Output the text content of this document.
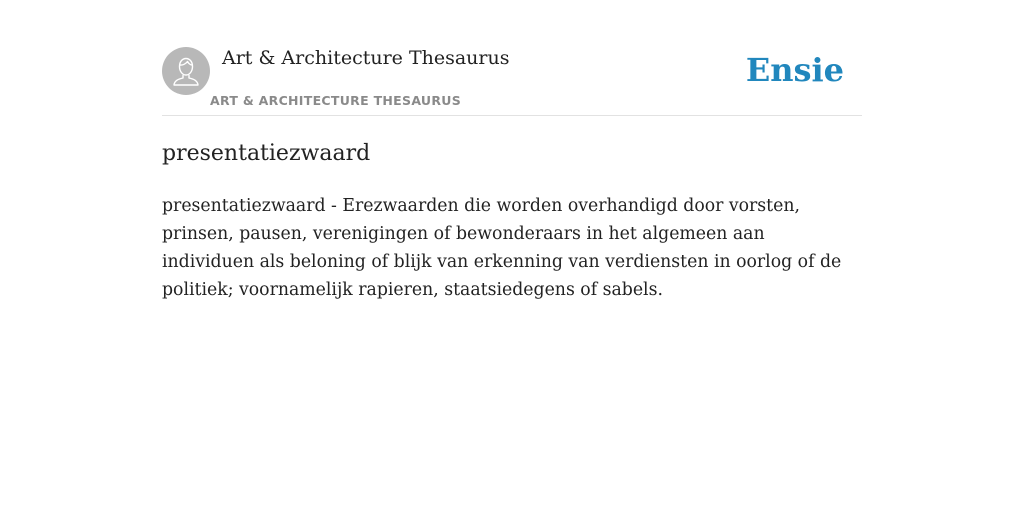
Art & Architecture Thesaurus
ART & ARCHITECTURE THESAURUS
Ensie
presentatiezwaard

presentatiezwaard - Erezwaarden die worden overhandigd door vorsten, prinsen, pausen, verenigingen of bewonderaars in het algemeen aan individuen als beloning of blijk van erkenning van verdiensten in oorlog of de politiek; voornamelijk rapieren, staatsiedegens of sabels.
